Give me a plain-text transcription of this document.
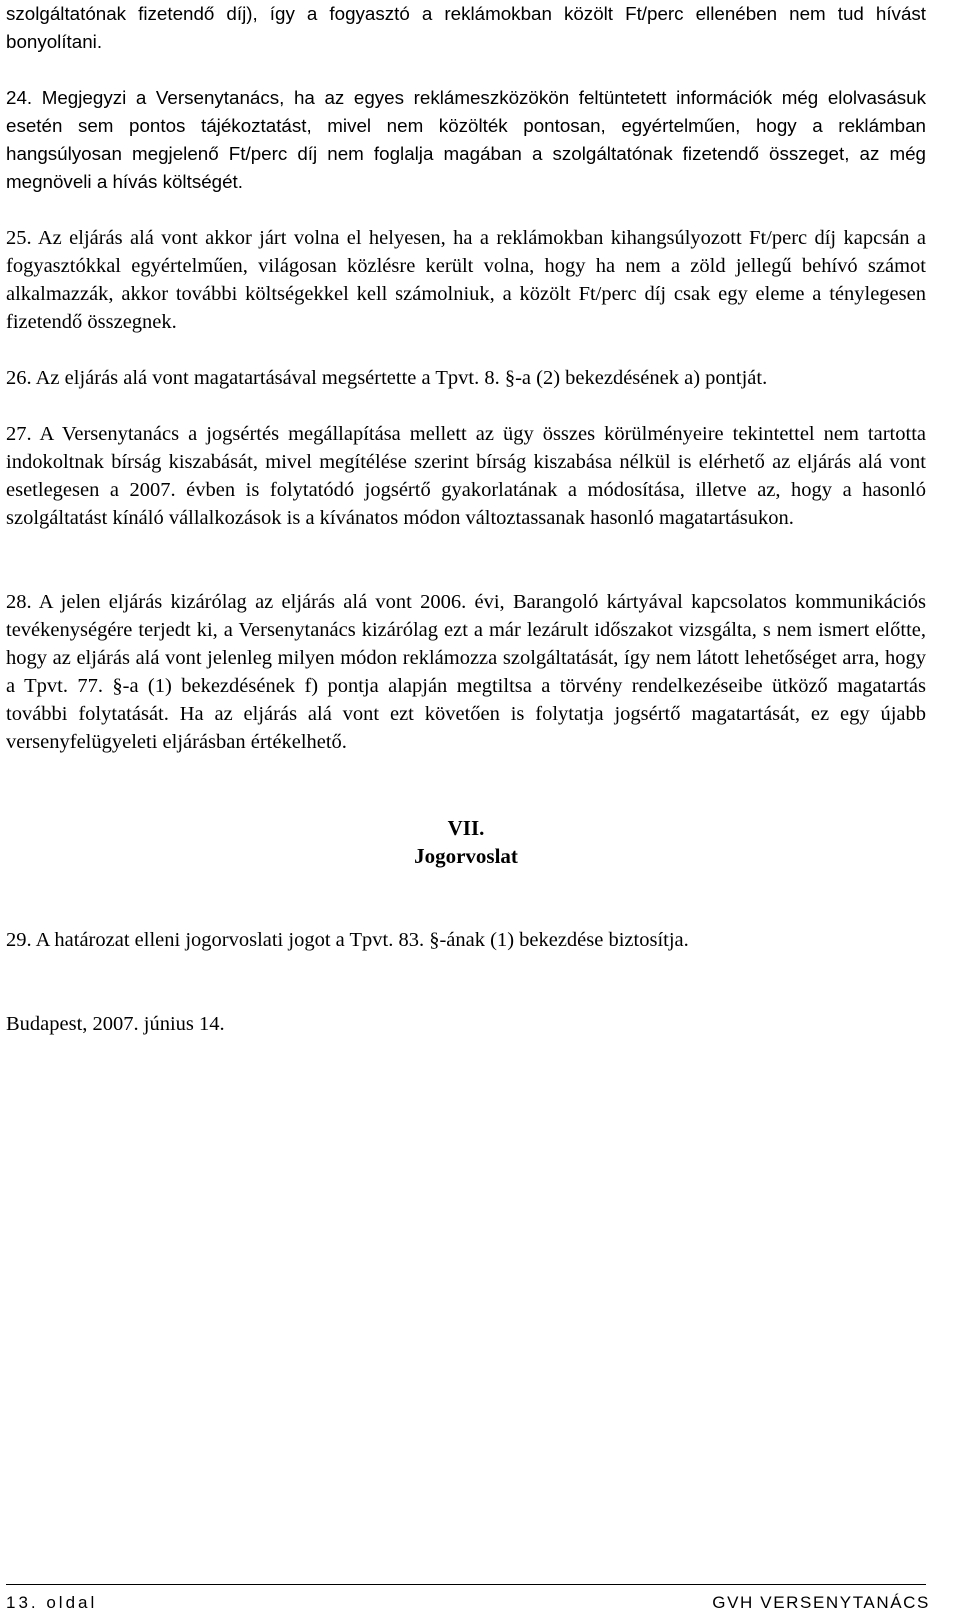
szolgáltatónak fizetendő díj), így a fogyasztó a reklámokban közölt Ft/perc ellenében nem tud hívást bonyolítani.

24. Megjegyzi a Versenytanács, ha az egyes reklámeszközökön feltüntetett információk még elolvasásuk esetén sem pontos tájékoztatást, mivel nem közölték pontosan, egyértelműen, hogy a reklámban hangsúlyosan megjelenő Ft/perc díj nem foglalja magában a szolgáltatónak fizetendő összeget, az még megnöveli a hívás költségét.

25. Az eljárás alá vont akkor járt volna el helyesen, ha a reklámokban kihangsúlyozott Ft/perc díj kapcsán a fogyasztókkal egyértelműen, világosan közlésre került volna, hogy ha nem a zöld jellegű behívó számot alkalmazzák, akkor további költségekkel kell számolniuk, a közölt Ft/perc díj csak egy eleme a ténylegesen fizetendő összegnek.

26. Az eljárás alá vont magatartásával megsértette a Tpvt. 8. §-a (2) bekezdésének a) pontját.

27. A Versenytanács a jogsértés megállapítása mellett az ügy összes körülményeire tekintettel nem tartotta indokoltnak bírság kiszabását, mivel megítélése szerint bírság kiszabása nélkül is elérhető az eljárás alá vont esetlegesen a 2007. évben is folytatódó jogsértő gyakorlatának a módosítása, illetve az, hogy a hasonló szolgáltatást kínáló vállalkozások is a kívánatos módon változtassanak hasonló magatartásukon.

28. A jelen eljárás kizárólag az eljárás alá vont 2006. évi, Barangoló kártyával kapcsolatos kommunikációs tevékenységére terjedt ki, a Versenytanács kizárólag ezt a már lezárult időszakot vizsgálta, s nem ismert előtte, hogy az eljárás alá vont jelenleg milyen módon reklámozza szolgáltatását, így nem látott lehetőséget arra, hogy a Tpvt. 77. §-a (1) bekezdésének f) pontja alapján megtiltsa a törvény rendelkezéseibe ütköző magatartás további folytatását. Ha az eljárás alá vont ezt követően is folytatja jogsértő magatartását, ez egy újabb versenyfelügyeleti eljárásban értékelhető.

VII.

Jogorvoslat

29. A határozat elleni jogorvoslati jogot a Tpvt. 83. §-ának (1) bekezdése biztosítja.

Budapest, 2007. június 14.

13. oldal	GVH VERSENYTANÁCS
